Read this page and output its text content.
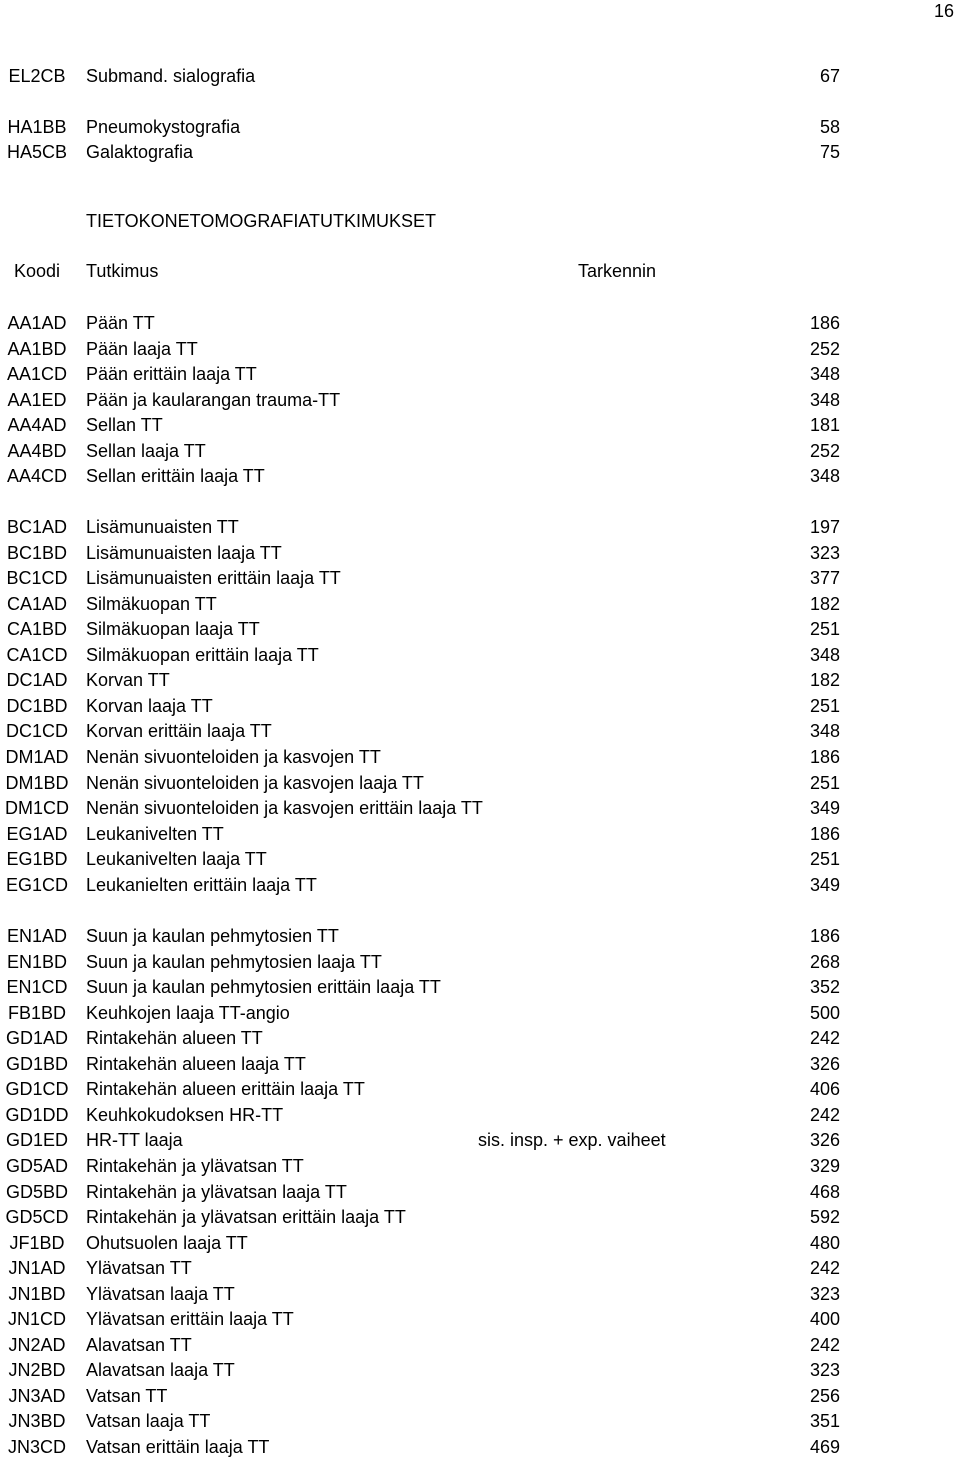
16
EL2CB	Submand. sialografia	67
HA1BB	Pneumokystografia	58
HA5CB	Galaktografia	75
TIETOKONETOMOGRAFIATUTKIMUKSET
Koodi	Tutkimus	Tarkennin
AA1AD	Pään TT	186
AA1BD	Pään laaja TT	252
AA1CD	Pään erittäin laaja TT	348
AA1ED	Pään ja kaularangan trauma-TT	348
AA4AD	Sellan TT	181
AA4BD	Sellan laaja TT	252
AA4CD	Sellan erittäin laaja TT	348
BC1AD	Lisämunuaisten TT	197
BC1BD	Lisämunuaisten laaja TT	323
BC1CD	Lisämunuaisten erittäin laaja TT	377
CA1AD	Silmäkuopan TT	182
CA1BD	Silmäkuopan laaja TT	251
CA1CD	Silmäkuopan erittäin laaja TT	348
DC1AD	Korvan TT	182
DC1BD	Korvan laaja TT	251
DC1CD	Korvan erittäin laaja TT	348
DM1AD Nenän sivuonteloiden ja kasvojen TT	186
DM1BD Nenän sivuonteloiden ja kasvojen laaja TT	251
DM1CD Nenän sivuonteloiden ja kasvojen erittäin laaja TT	349
EG1AD	Leukanivelten TT	186
EG1BD	Leukanivelten laaja TT	251
EG1CD	Leukanielten erittäin laaja TT	349
EN1AD	Suun ja kaulan pehmytosien TT	186
EN1BD	Suun ja kaulan pehmytosien laaja TT	268
EN1CD	Suun ja kaulan pehmytosien erittäin laaja TT	352
FB1BD	Keuhkojen laaja TT-angio	500
GD1AD	Rintakehän alueen TT	242
GD1BD	Rintakehän alueen laaja TT	326
GD1CD Rintakehän alueen erittäin laaja TT	406
GD1DD Keuhkokudoksen HR-TT	242
GD1ED	HR-TT laaja	sis. insp. + exp. vaiheet	326
GD5AD	Rintakehän ja ylävatsan TT	329
GD5BD	Rintakehän ja ylävatsan laaja TT	468
GD5CD Rintakehän ja ylävatsan erittäin laaja TT	592
JF1BD	Ohutsuolen laaja TT	480
JN1AD	Ylävatsan TT	242
JN1BD	Ylävatsan laaja TT	323
JN1CD	Ylävatsan erittäin laaja TT	400
JN2AD	Alavatsan TT	242
JN2BD	Alavatsan laaja TT	323
JN3AD	Vatsan TT	256
JN3BD	Vatsan laaja TT	351
JN3CD	Vatsan erittäin laaja TT	469
